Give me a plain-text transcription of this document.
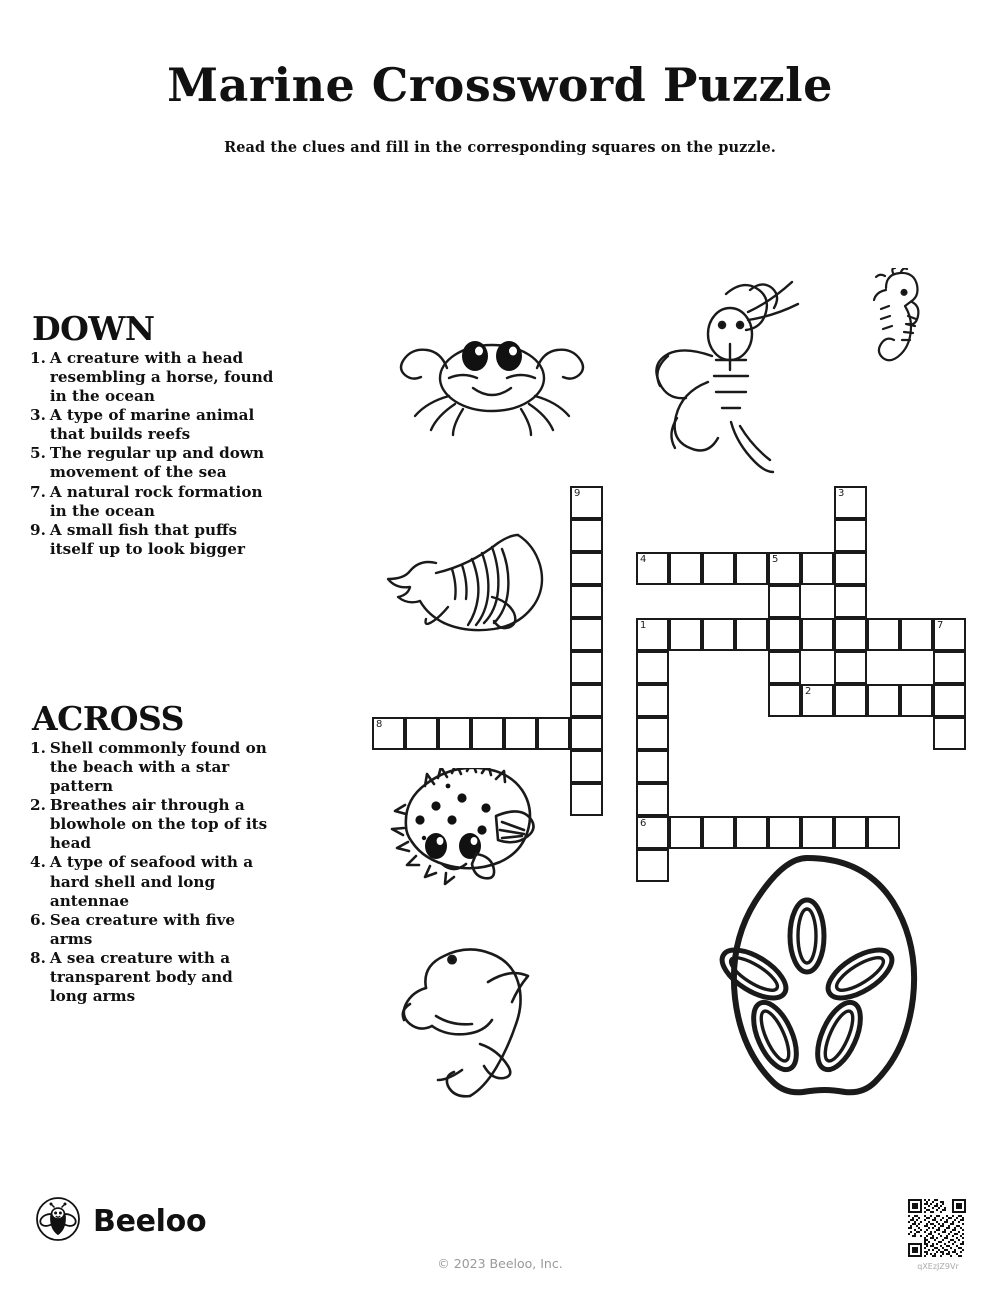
Marine Crossword Puzzle
Read the clues and fill in the corresponding squares on the puzzle.
DOWN
1. A creature with a head resembling a horse, found in the ocean
3. A type of marine animal that builds reefs
5. The regular up and down movement of the sea
7. A natural rock formation in the ocean
9. A small fish that puffs itself up to look bigger
ACROSS
1. Shell commonly found on the beach with a star pattern
2. Breathes air through a blowhole on the top of its head
4. A type of seafood with a hard shell and long antennae
6. Sea creature with five arms
8. A sea creature with a transparent body and long arms
9	3
4	5
1	7
6
2
8
Beeloo
© 2023 Beeloo, Inc.	qXEzJZ9Vr
